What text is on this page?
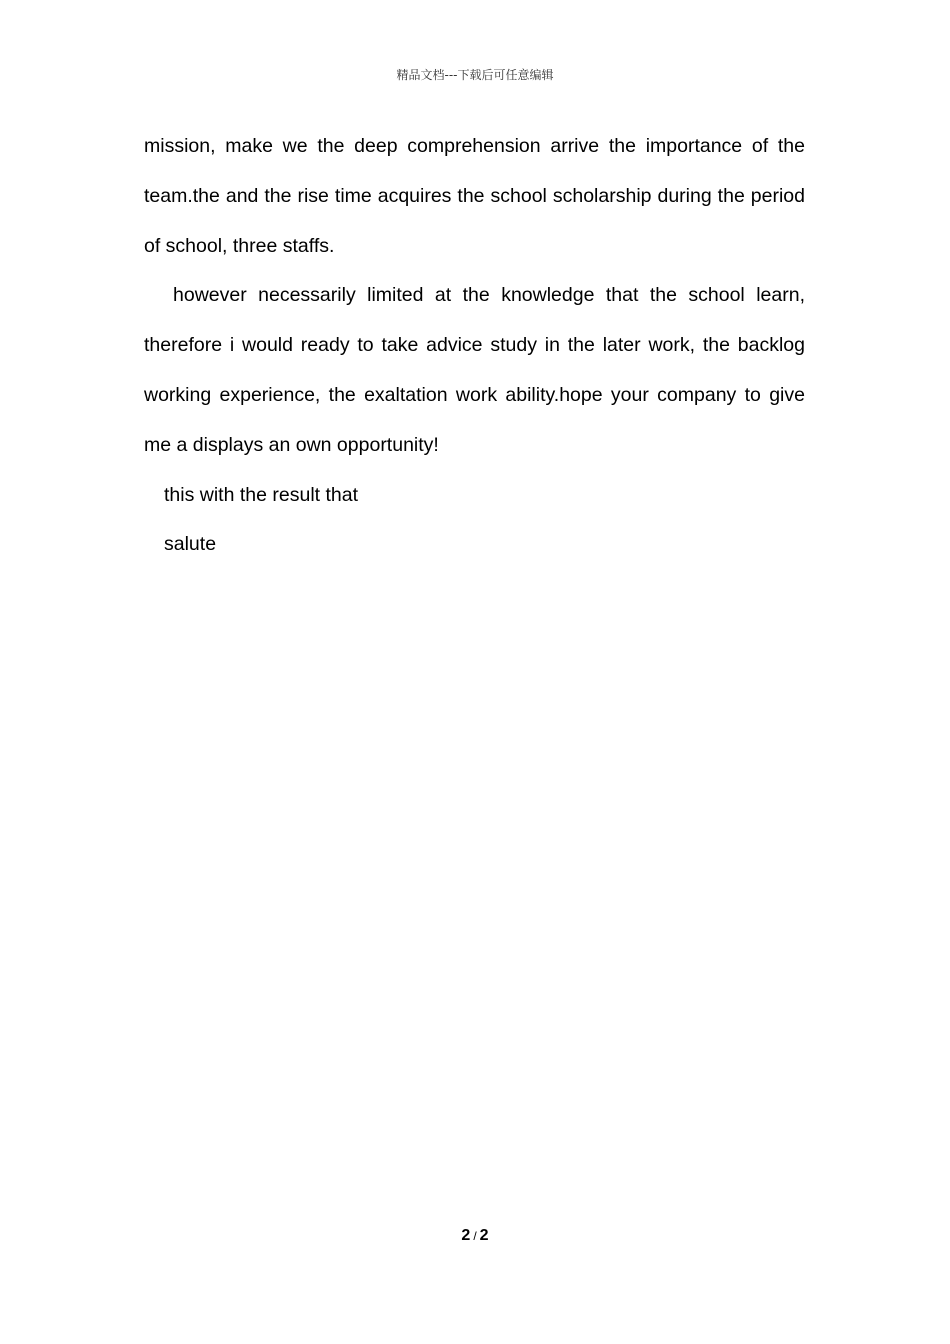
精品文档---下载后可任意编辑

mission, make we the deep comprehension arrive the importance of the team.the and the rise time acquires the school scholarship during the period of school, three staffs.

however necessarily limited at the knowledge that the school learn, therefore i would ready to take advice study in the later work, the backlog working experience, the exaltation work ability.hope your company to give me a displays an own opportunity!

this with the result that

salute

2 / 2
